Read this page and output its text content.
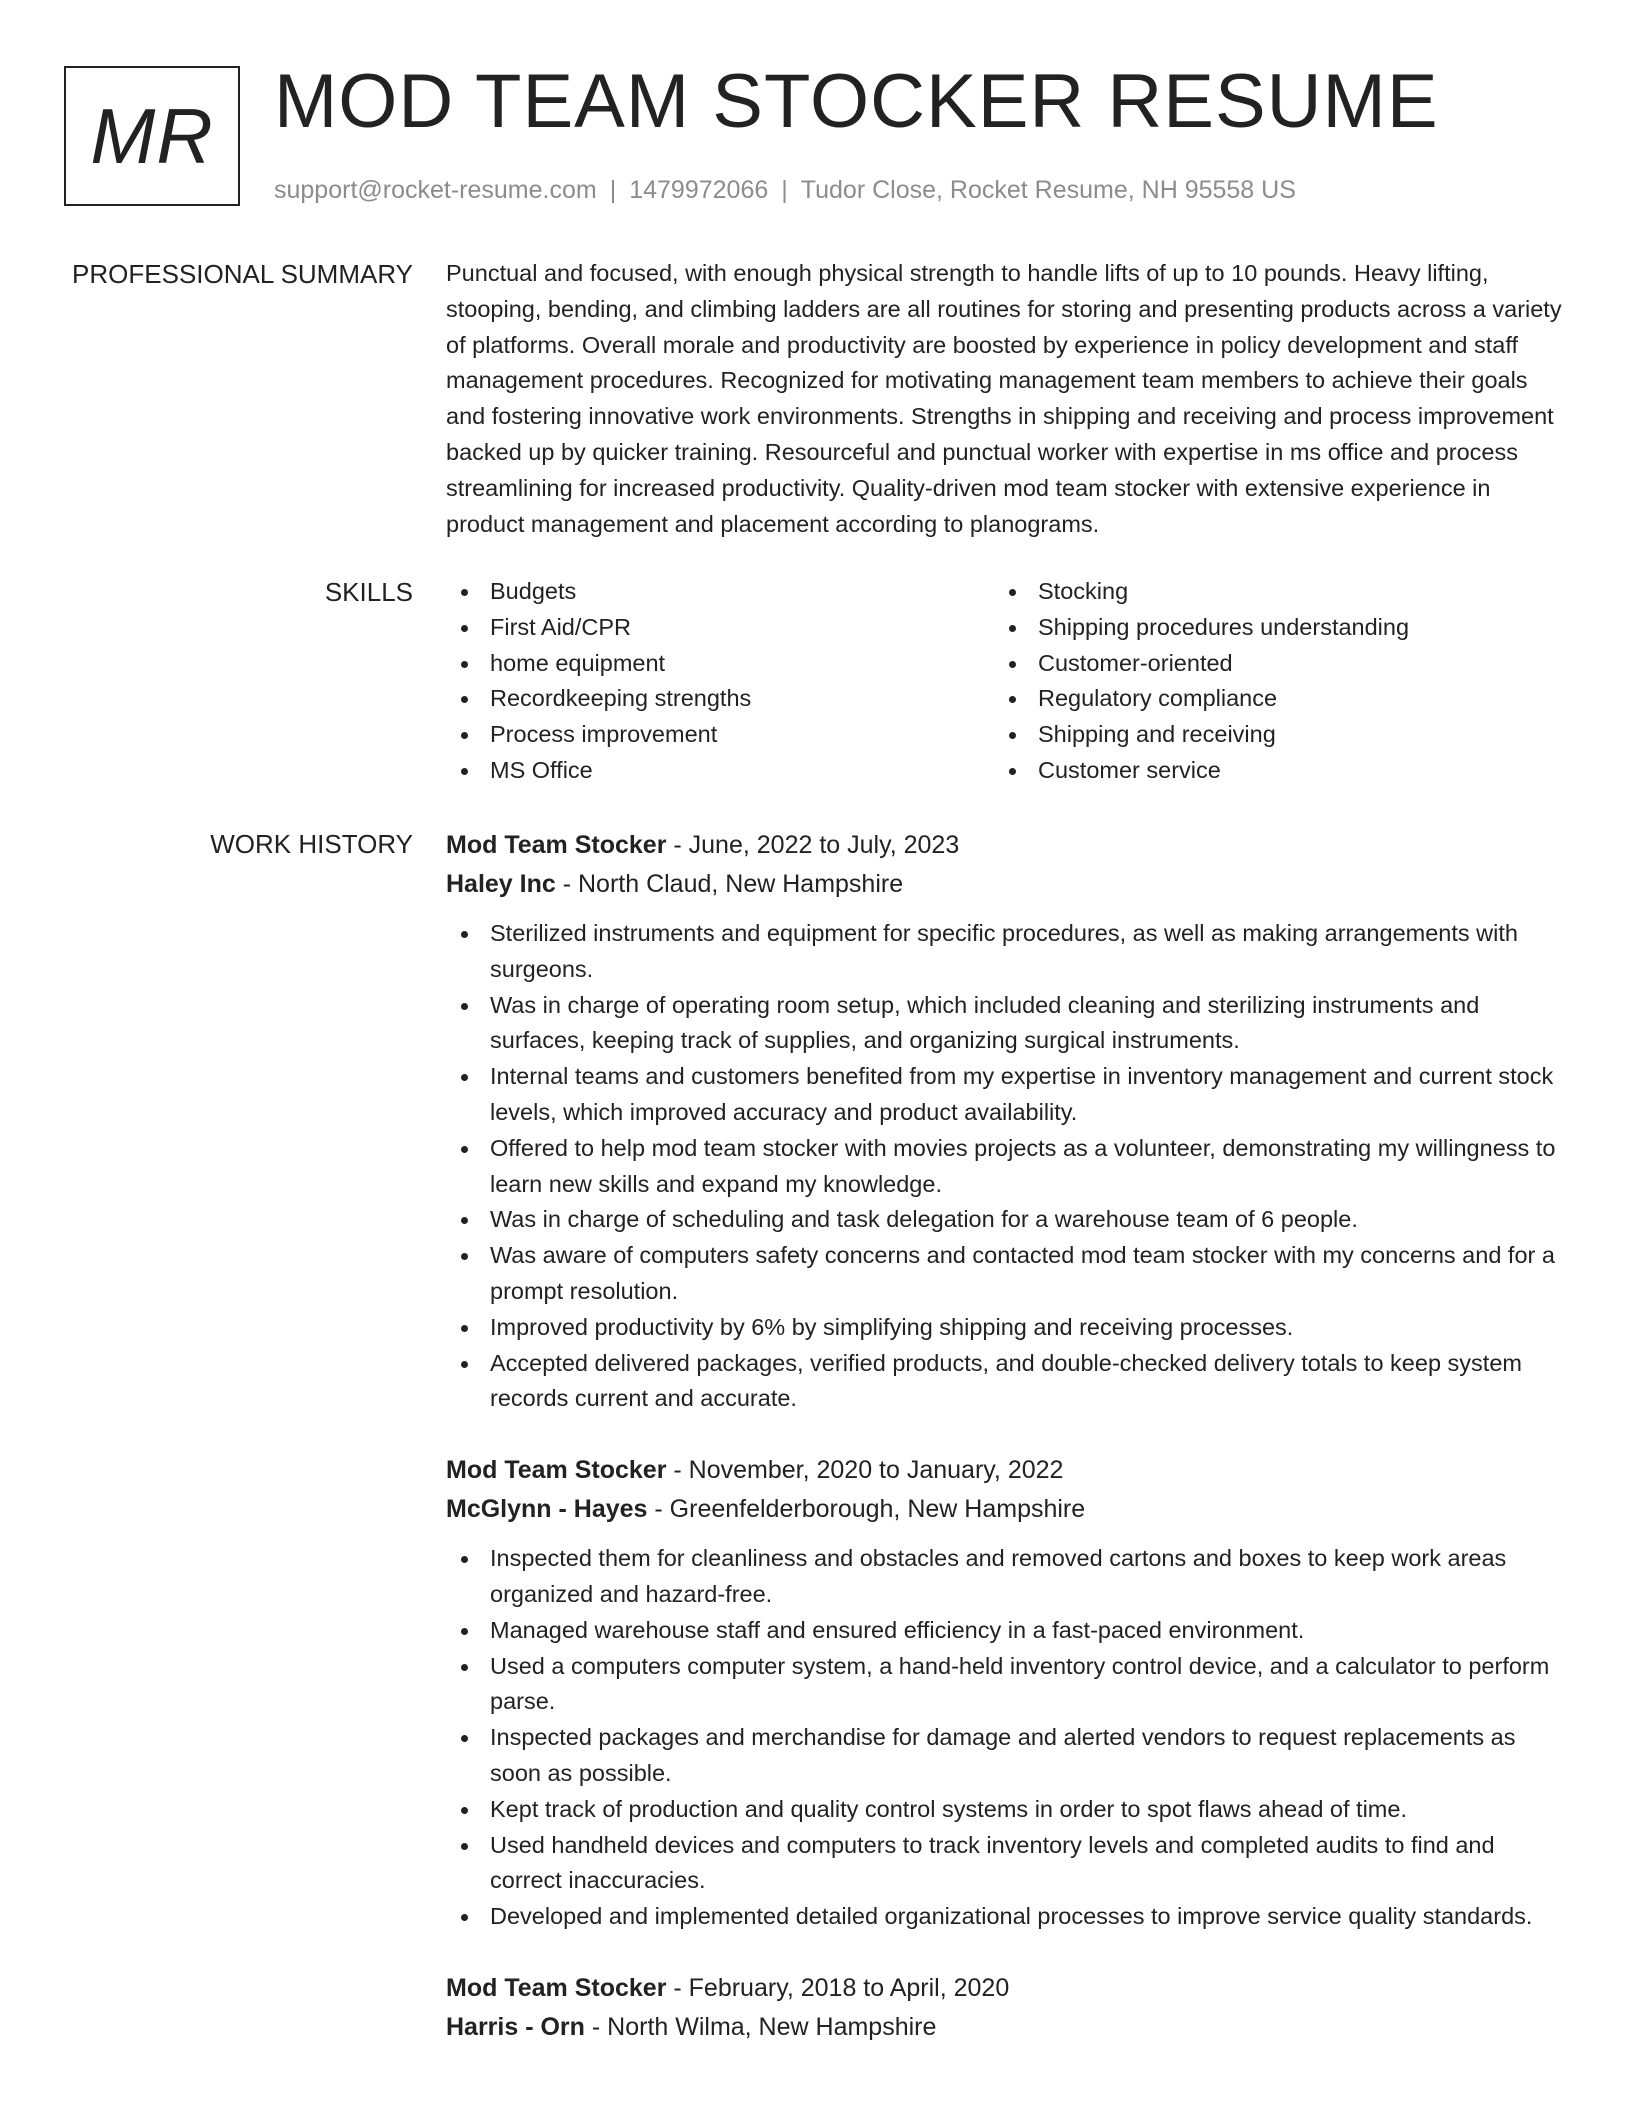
MR MOD TEAM STOCKER RESUME
support@rocket-resume.com | 1479972066 | Tudor Close, Rocket Resume, NH 95558 US
PROFESSIONAL SUMMARY Punctual and focused, with enough physical strength to handle lifts of up to 10 pounds. Heavy lifting, stooping, bending, and climbing ladders are all routines for storing and presenting products across a variety of platforms. Overall morale and productivity are boosted by experience in policy development and staff management procedures. Recognized for motivating management team members to achieve their goals and fostering innovative work environments. Strengths in shipping and receiving and process improvement backed up by quicker training. Resourceful and punctual worker with expertise in ms office and process streamlining for increased productivity. Quality-driven mod team stocker with extensive experience in product management and placement according to planograms.

SKILLS	Budgets
First Aid/CPR
home equipment
Recordkeeping strengths
Process improvement
MS Office
Stocking
Shipping procedures understanding
Customer-oriented
Regulatory compliance
Shipping and receiving
Customer service
WORK HISTORY Mod Team Stocker - June, 2022 to July, 2023
Haley Inc - North Claud, New Hampshire
Sterilized instruments and equipment for specific procedures, as well as making arrangements with surgeons.
Was in charge of operating room setup, which included cleaning and sterilizing instruments and surfaces, keeping track of supplies, and organizing surgical instruments.
Internal teams and customers benefited from my expertise in inventory management and current stock levels, which improved accuracy and product availability.
Offered to help mod team stocker with movies projects as a volunteer, demonstrating my willingness to learn new skills and expand my knowledge.
Was in charge of scheduling and task delegation for a warehouse team of 6 people.
Was aware of computers safety concerns and contacted mod team stocker with my concerns and for a prompt resolution.
Improved productivity by 6% by simplifying shipping and receiving processes.
Accepted delivered packages, verified products, and double-checked delivery totals to keep system records current and accurate.
Mod Team Stocker - November, 2020 to January, 2022
McGlynn - Hayes - Greenfelderborough, New Hampshire
Inspected them for cleanliness and obstacles and removed cartons and boxes to keep work areas organized and hazard-free.
Managed warehouse staff and ensured efficiency in a fast-paced environment.
Used a computers computer system, a hand-held inventory control device, and a calculator to perform parse.
Inspected packages and merchandise for damage and alerted vendors to request replacements as soon as possible.
Kept track of production and quality control systems in order to spot flaws ahead of time.
Used handheld devices and computers to track inventory levels and completed audits to find and correct inaccuracies.
Developed and implemented detailed organizational processes to improve service quality standards.
Mod Team Stocker - February, 2018 to April, 2020
Harris - Orn - North Wilma, New Hampshire
